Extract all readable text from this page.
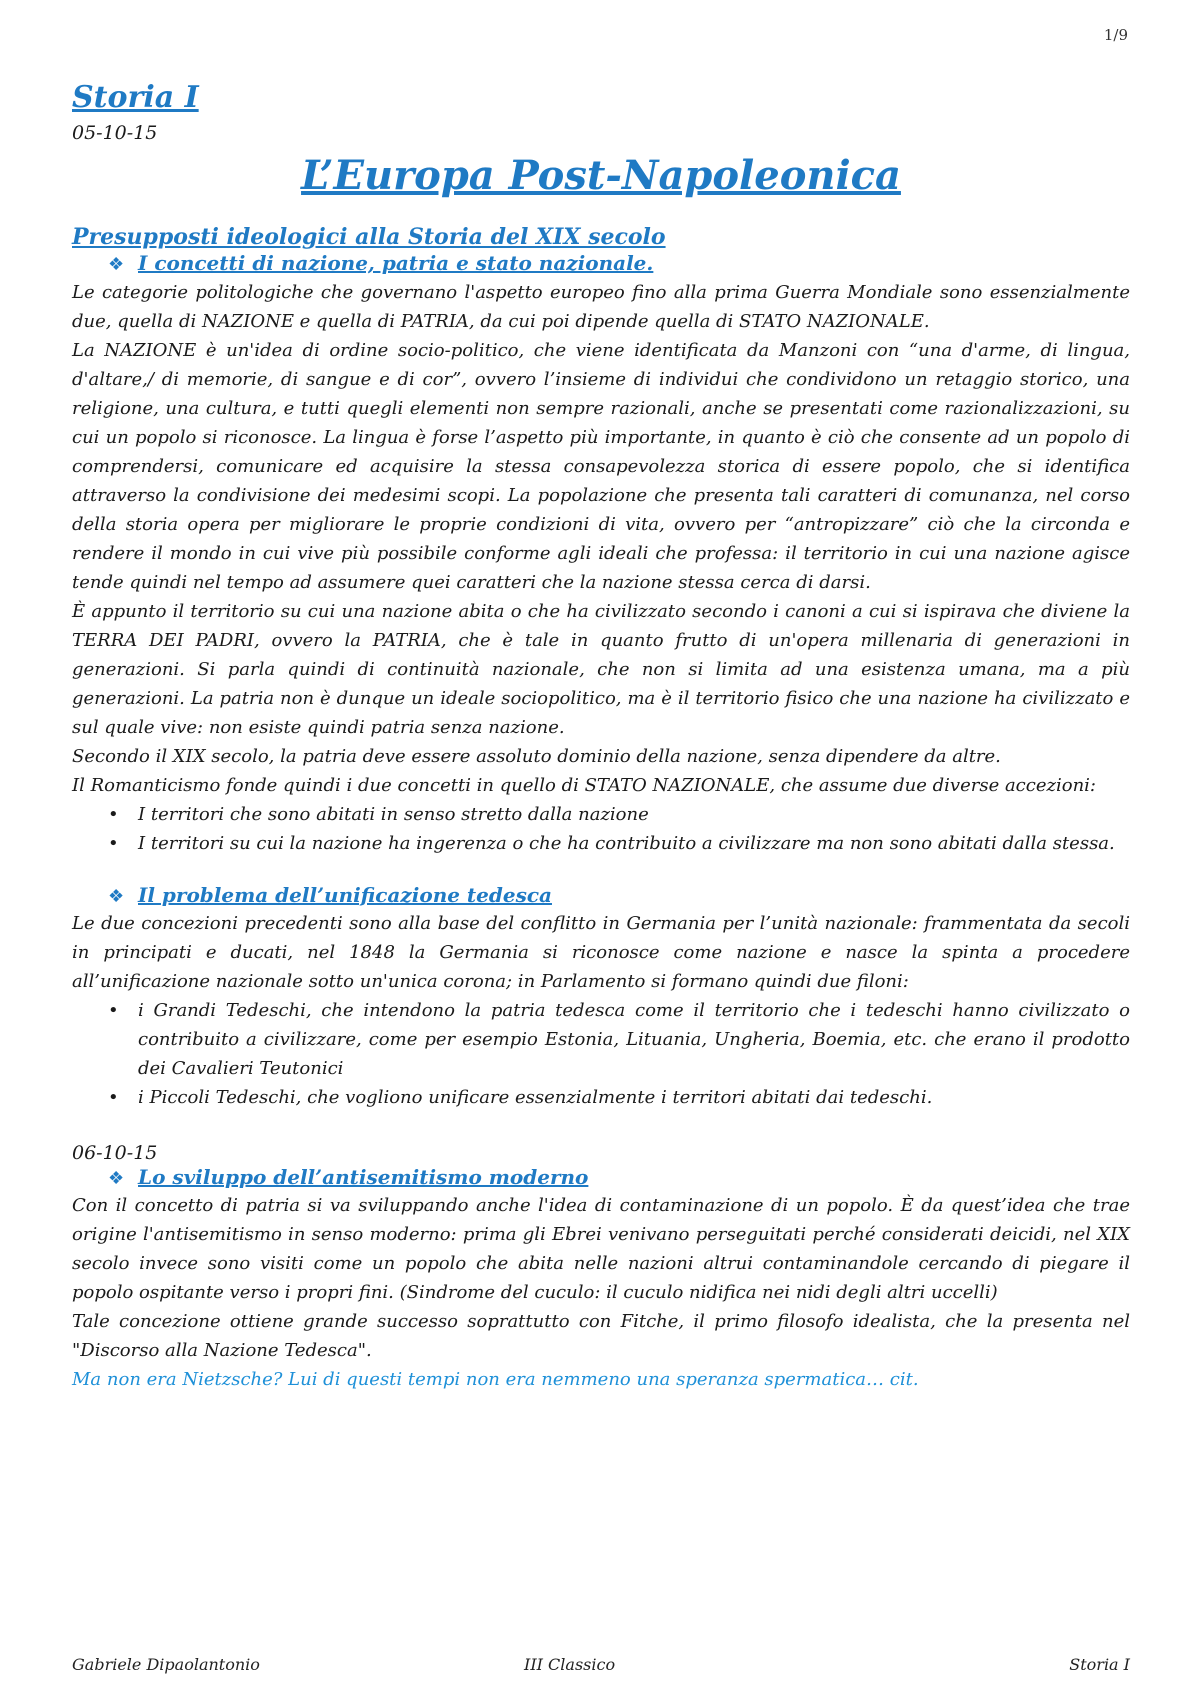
1/9
Storia I

05-10-15

L’Europa Post-Napoleonica
Presupposti ideologici alla Storia del XIX secolo
❖ I concetti di nazione, patria e stato nazionale.

Le categorie politologiche che governano l'aspetto europeo fino alla prima Guerra Mondiale sono essenzialmente due, quella di NAZIONE e quella di PATRIA, da cui poi dipende quella di STATO NAZIONALE.

La NAZIONE è un'idea di ordine socio-politico, che viene identificata da Manzoni con “una d'arme, di lingua, d'altare,/ di memorie, di sangue e di cor”, ovvero l’insieme di individui che condividono un retaggio storico, una religione, una cultura, e tutti quegli elementi non sempre razionali, anche se presentati come razionalizzazioni, su cui un popolo si riconosce. La lingua è forse l’aspetto più importante, in quanto è ciò che consente ad un popolo di comprendersi, comunicare ed acquisire la stessa consapevolezza storica di essere popolo, che si identifica attraverso la condivisione dei medesimi scopi. La popolazione che presenta tali caratteri di comunanza, nel corso della storia opera per migliorare le proprie condizioni di vita, ovvero per “antropizzare” ciò che la circonda e rendere il mondo in cui vive più possibile conforme agli ideali che professa: il territorio in cui una nazione agisce tende quindi nel tempo ad assumere quei caratteri che la nazione stessa cerca di darsi.

È appunto il territorio su cui una nazione abita o che ha civilizzato secondo i canoni a cui si ispirava che diviene la TERRA DEI PADRI, ovvero la PATRIA, che è tale in quanto frutto di un'opera millenaria di generazioni in generazioni. Si parla quindi di continuità nazionale, che non si limita ad una esistenza umana, ma a più generazioni. La patria non è dunque un ideale sociopolitico, ma è il territorio fisico che una nazione ha civilizzato e sul quale vive: non esiste quindi patria senza nazione.

Secondo il XIX secolo, la patria deve essere assoluto dominio della nazione, senza dipendere da altre.

Il Romanticismo fonde quindi i due concetti in quello di STATO NAZIONALE, che assume due diverse accezioni:

•	I territori che sono abitati in senso stretto dalla nazione
•	I territori su cui la nazione ha ingerenza o che ha contribuito a civilizzare ma non sono abitati dalla stessa.
❖ Il problema dell’unificazione tedesca

Le due concezioni precedenti sono alla base del conflitto in Germania per l’unità nazionale: frammentata da secoli in principati e ducati, nel 1848 la Germania si riconosce come nazione e nasce la spinta a procedere all’unificazione nazionale sotto un'unica corona; in Parlamento si formano quindi due filoni:

•	i Grandi Tedeschi, che intendono la patria tedesca come il territorio che i tedeschi hanno civilizzato o contribuito a civilizzare, come per esempio Estonia, Lituania, Ungheria, Boemia, etc. che erano il prodotto dei Cavalieri Teutonici
•	i Piccoli Tedeschi, che vogliono unificare essenzialmente i territori abitati dai tedeschi.

06-10-15

❖ Lo sviluppo dell’antisemitismo moderno

Con il concetto di patria si va sviluppando anche l'idea di contaminazione di un popolo. È da quest’idea che trae origine l'antisemitismo in senso moderno: prima gli Ebrei venivano perseguitati perché considerati deicidi, nel XIX secolo invece sono visiti come un popolo che abita nelle nazioni altrui contaminandole cercando di piegare il popolo ospitante verso i propri fini. (Sindrome del cuculo: il cuculo nidifica nei nidi degli altri uccelli)

Tale concezione ottiene grande successo soprattutto con Fitche, il primo filosofo idealista, che la presenta nel "Discorso alla Nazione Tedesca".

Ma non era Nietzsche? Lui di questi tempi non era nemmeno una speranza spermatica… cit.

Gabriele Dipaolantonio	III Classico	Storia I
